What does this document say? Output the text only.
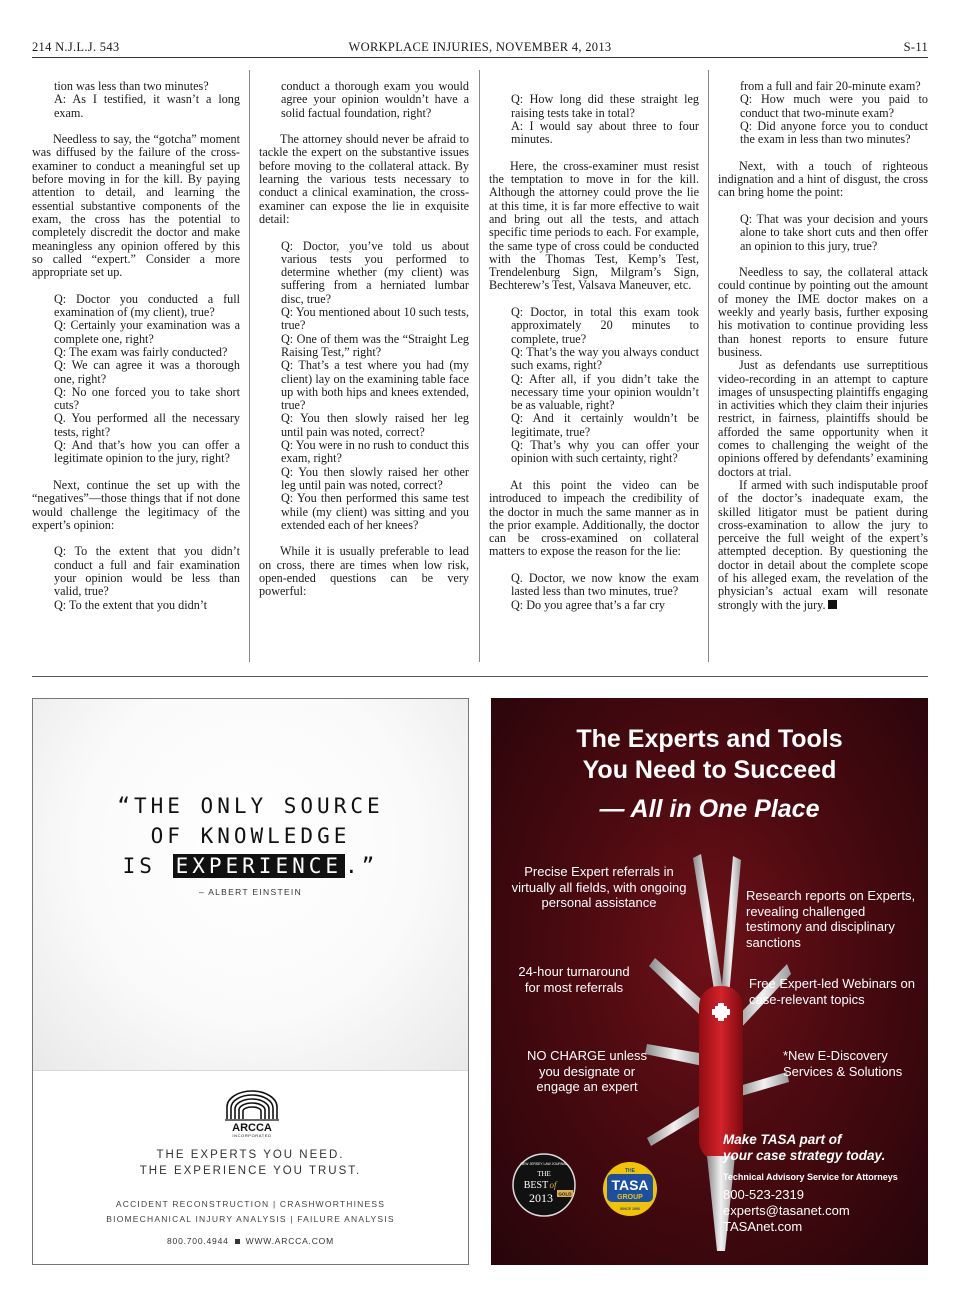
WORKPLACE INJURIES, NOVEMBER 4, 2013
214 N.J.L.J. 543	S-11
tion was less than two minutes?
A: As I testified, it wasn’t a long exam.

Needless to say, the “gotcha” moment was diffused by the failure of the cross-examiner to conduct a meaningful set up before moving in for the kill. By paying attention to detail, and learning the essential substantive components of the exam, the cross has the potential to completely discredit the doctor and make meaningless any opinion offered by this so called “expert.” Consider a more appropriate set up.

Q: Doctor you conducted a full examination of (my client), true?
Q: Certainly your examination was a complete one, right?
Q: The exam was fairly conducted?
Q: We can agree it was a thorough one, right?
Q: No one forced you to take short cuts?
Q. You performed all the necessary tests, right?
Q: And that’s how you can offer a legitimate opinion to the jury, right?

Next, continue the set up with the “negatives”—those things that if not done would challenge the legitimacy of the expert’s opinion:

Q: To the extent that you didn’t conduct a full and fair examination your opinion would be less than valid, true?
Q: To the extent that you didn’t
conduct a thorough exam you would agree your opinion wouldn’t have a solid factual foundation, right?

The attorney should never be afraid to tackle the expert on the substantive issues before moving to the collateral attack. By learning the various tests necessary to conduct a clinical examination, the cross-examiner can expose the lie in exquisite detail:

Q: Doctor, you’ve told us about various tests you performed to determine whether (my client) was suffering from a herniated lumbar disc, true?
Q: You mentioned about 10 such tests, true?
Q: One of them was the “Straight Leg Raising Test,” right?
Q: That’s a test where you had (my client) lay on the examining table face up with both hips and knees extended, true?
Q: You then slowly raised her leg until pain was noted, correct?
Q: You were in no rush to conduct this exam, right?
Q: You then slowly raised her other leg until pain was noted, correct?
Q: You then performed this same test while (my client) was sitting and you extended each of her knees?

While it is usually preferable to lead on cross, there are times when low risk, open-ended questions can be very powerful:

Q: How long did these straight leg raising tests take in total?
A: I would say about three to four minutes.

Here, the cross-examiner must resist the temptation to move in for the kill. Although the attorney could prove the lie at this time, it is far more effective to wait and bring out all the tests, and attach specific time periods to each. For example, the same type of cross could be conducted with the Thomas Test, Kemp’s Test, Trendelenburg Sign, Milgram’s Sign, Bechterew’s Test, Valsava Maneuver, etc.

Q: Doctor, in total this exam took approximately 20 minutes to complete, true?
Q: That’s the way you always conduct such exams, right?
Q: After all, if you didn’t take the necessary time your opinion wouldn’t be as valuable, right?
Q: And it certainly wouldn’t be legitimate, true?
Q: That’s why you can offer your opinion with such certainty, right?

At this point the video can be introduced to impeach the credibility of the doctor in much the same manner as in the prior example. Additionally, the doctor can be cross-examined on collateral matters to expose the reason for the lie:

Q. Doctor, we now know the exam lasted less than two minutes, true?
Q: Do you agree that’s a far cry
from a full and fair 20-minute exam?
Q: How much were you paid to conduct that two-minute exam?
Q: Did anyone force you to conduct the exam in less than two minutes?

Next, with a touch of righteous indignation and a hint of disgust, the cross can bring home the point:

Q: That was your decision and yours alone to take short cuts and then offer an opinion to this jury, true?

Needless to say, the collateral attack could continue by pointing out the amount of money the IME doctor makes on a weekly and yearly basis, further exposing his motivation to continue providing less than honest reports to ensure future business.

Just as defendants use surreptitious video-recording in an attempt to capture images of unsuspecting plaintiffs engaging in activities which they claim their injuries restrict, in fairness, plaintiffs should be afforded the same opportunity when it comes to challenging the weight of the opinions offered by defendants’ examining doctors at trial.

If armed with such indisputable proof of the doctor’s inadequate exam, the skilled litigator must be patient during cross-examination to allow the jury to perceive the full weight of the expert’s attempted deception. By questioning the doctor in detail about the complete scope of his alleged exam, the revelation of the physician’s actual exam will resonate strongly with the jury.

“THE ONLY SOURCE
OF KNOWLEDGE
IS EXPERIENCE .”
– ALBERT EINSTEIN
ARCCA
INCORPORATED
THE EXPERTS YOU NEED.
THE EXPERIENCE YOU TRUST.
ACCIDENT RECONSTRUCTION | CRASHWORTHINESS
BIOMECHANICAL INJURY ANALYSIS | FAILURE ANALYSIS
800.700.4944 WWW.ARCCA.COM
The Experts and Tools
You Need to Succeed
— All in One Place
Precise Expert referrals in virtually all fields, with ongoing personal assistance	Research reports on Experts, revealing challenged testimony and disciplinary sanctions
24-hour turnaround for most referrals	Free Expert-led Webinars on case-relevant topics
*New E-Discovery Services & Solutions
NO CHARGE unless you designate or engage an expert
Make TASA part of
your case strategy today.
Technical Advisory Service for Attorneys
800-523-2319
experts@tasanet.com
TASAnet.com
NEW JERSEY LAW JOURNAL
THE
BEST of
GOLD
2013
THE
TASA
GROUP
SINCE 1956
